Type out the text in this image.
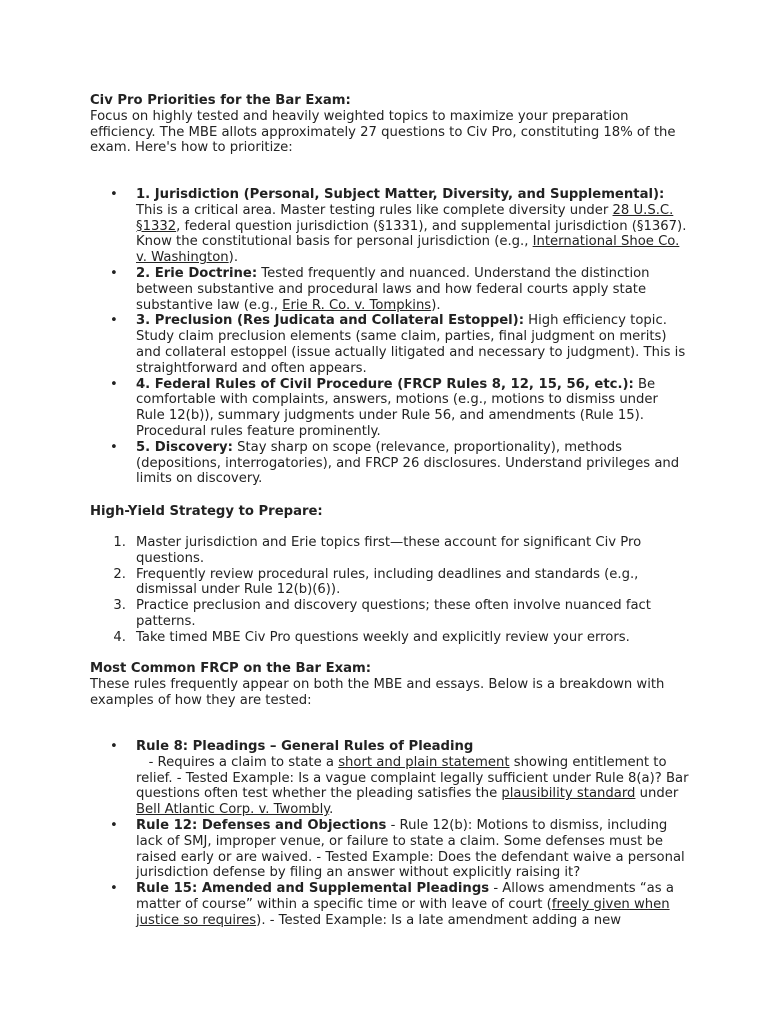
Civ Pro Priorities for the Bar Exam:

Focus on highly tested and heavily weighted topics to maximize your preparation efficiency. The MBE allots approximately 27 questions to Civ Pro, constituting 18% of the exam. Here's how to prioritize:

• 1. Jurisdiction (Personal, Subject Matter, Diversity, and Supplemental): This is a critical area. Master testing rules like complete diversity under 28 U.S.C. §1332, federal question jurisdiction (§1331), and supplemental jurisdiction (§1367). Know the constitutional basis for personal jurisdiction (e.g., International Shoe Co. v. Washington).
• 2. Erie Doctrine: Tested frequently and nuanced. Understand the distinction between substantive and procedural laws and how federal courts apply state substantive law (e.g., Erie R. Co. v. Tompkins).
• 3. Preclusion (Res Judicata and Collateral Estoppel): High efficiency topic. Study claim preclusion elements (same claim, parties, final judgment on merits) and collateral estoppel (issue actually litigated and necessary to judgment). This is straightforward and often appears.
• 4. Federal Rules of Civil Procedure (FRCP Rules 8, 12, 15, 56, etc.): Be comfortable with complaints, answers, motions (e.g., motions to dismiss under Rule 12(b)), summary judgments under Rule 56, and amendments (Rule 15). Procedural rules feature prominently.
• 5. Discovery: Stay sharp on scope (relevance, proportionality), methods (depositions, interrogatories), and FRCP 26 disclosures. Understand privileges and limits on discovery.

High-Yield Strategy to Prepare:

1. Master jurisdiction and Erie topics first—these account for significant Civ Pro questions.
2. Frequently review procedural rules, including deadlines and standards (e.g., dismissal under Rule 12(b)(6)).
3. Practice preclusion and discovery questions; these often involve nuanced fact patterns.
4. Take timed MBE Civ Pro questions weekly and explicitly review your errors.

Most Common FRCP on the Bar Exam:

These rules frequently appear on both the MBE and essays. Below is a breakdown with examples of how they are tested:

• Rule 8: Pleadings – General Rules of Pleading   - Requires a claim to state a short and plain statement showing entitlement to relief. - Tested Example: Is a vague complaint legally sufficient under Rule 8(a)? Bar questions often test whether the pleading satisfies the plausibility standard under Bell Atlantic Corp. v. Twombly.
• Rule 12: Defenses and Objections - Rule 12(b): Motions to dismiss, including lack of SMJ, improper venue, or failure to state a claim. Some defenses must be raised early or are waived. - Tested Example: Does the defendant waive a personal jurisdiction defense by filing an answer without explicitly raising it?
• Rule 15: Amended and Supplemental Pleadings - Allows amendments “as a matter of course” within a specific time or with leave of court (freely given when justice so requires). - Tested Example: Is a late amendment adding a new
